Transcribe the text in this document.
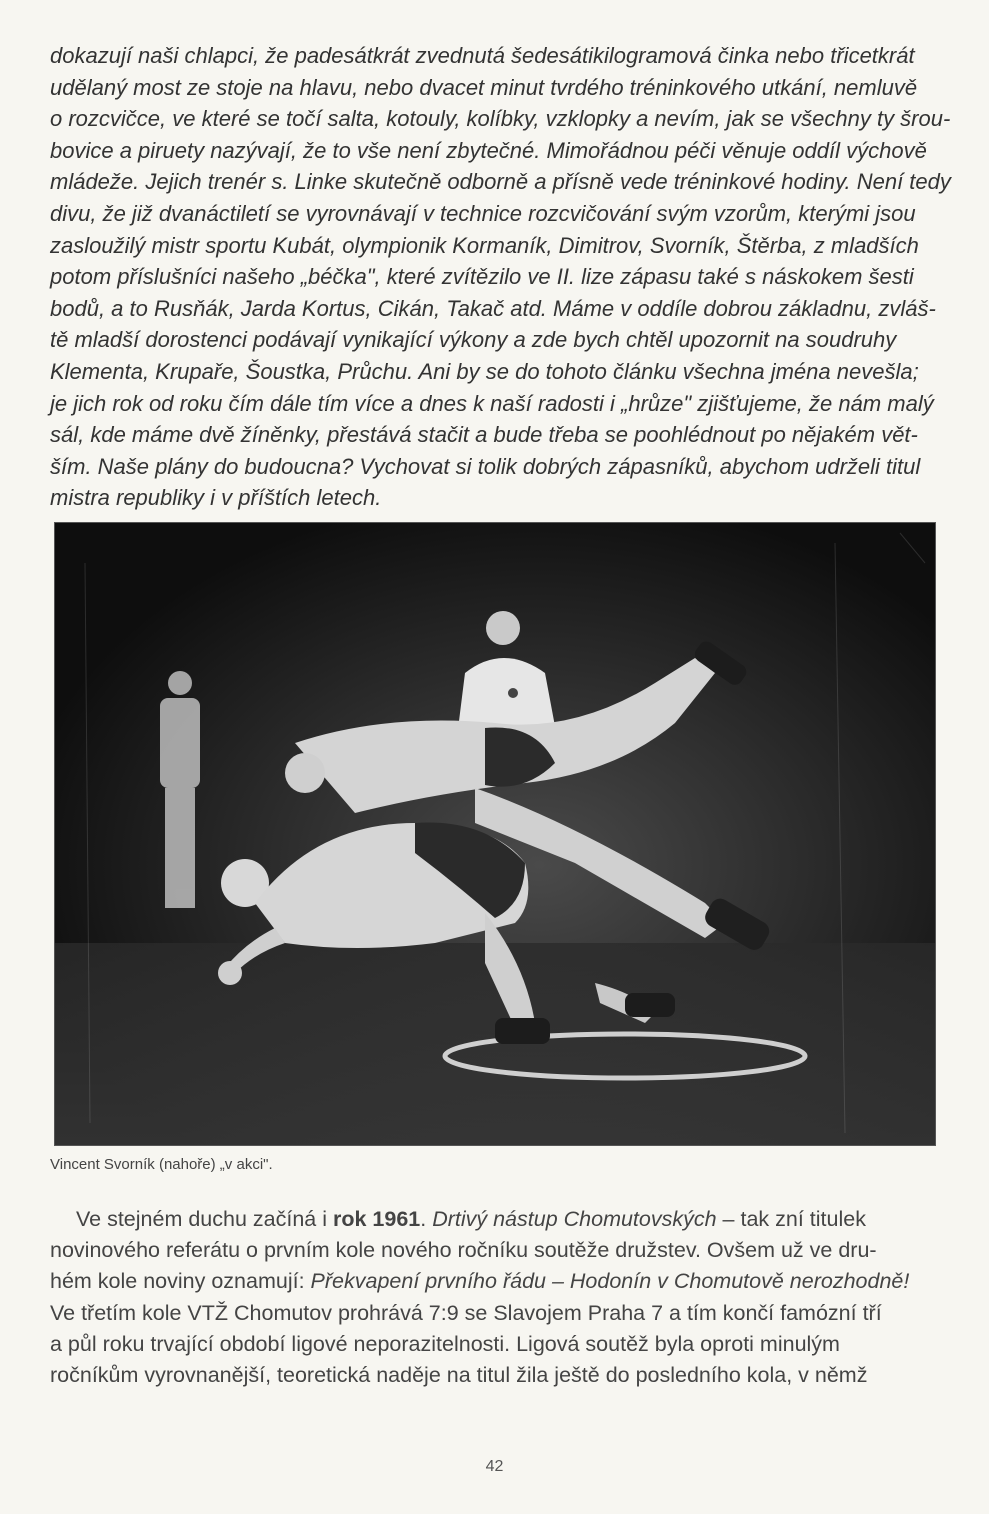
dokazují naši chlapci, že padesátkrát zvednutá šedesátikilogramová činka nebo třicetkrát
udělaný most ze stoje na hlavu, nebo dvacet minut tvrdého tréninkového utkání, nemluvě
o rozcvičce, ve které se točí salta, kotouly, kolíbky, vzklopky a nevím, jak se všechny ty šrou-
bovice a piruety nazývají, že to vše není zbytečné. Mimořádnou péči věnuje oddíl výchově
mládeže. Jejich trenér s. Linke skutečně odborně a přísně vede tréninkové hodiny. Není tedy
divu, že již dvanáctiletí se vyrovnávají v technice rozcvičování svým vzorům, kterými jsou
zasloužilý mistr sportu Kubát, olympionik Kormaník, Dimitrov, Svorník, Štěrba, z mladších
potom příslušníci našeho „béčka", které zvítězilo ve II. lize zápasu také s náskokem šesti
bodů, a to Rusňák, Jarda Kortus, Cikán, Takač atd. Máme v oddíle dobrou základnu, zvláš-
tě mladší dorostenci podávají vynikající výkony a zde bych chtěl upozornit na soudruhy
Klementa, Krupaře, Šoustka, Průchu. Ani by se do tohoto článku všechna jména nevešla;
je jich rok od roku čím dále tím více a dnes k naší radosti i „hrůze" zjišťujeme, že nám malý
sál, kde máme dvě žíněnky, přestává stačit a bude třeba se poohlédnout po nějakém vět-
ším. Naše plány do budoucna? Vychovat si tolik dobrých zápasníků, abychom udrželi titul
mistra republiky i v příštích letech.
Vincent Svorník (nahoře) „v akci".
Ve stejném duchu začíná i rok 1961. Drtivý nástup Chomutovských – tak zní titulek
novinového referátu o prvním kole nového ročníku soutěže družstev. Ovšem už ve dru-
hém kole noviny oznamují: Překvapení prvního řádu – Hodonín v Chomutově nerozhodně!
Ve třetím kole VTŽ Chomutov prohrává 7:9 se Slavojem Praha 7 a tím končí famózní tří
a půl roku trvající období ligové neporazitelnosti. Ligová soutěž byla oproti minulým
ročníkům vyrovnanější, teoretická naděje na titul žila ještě do posledního kola, v němž
42
